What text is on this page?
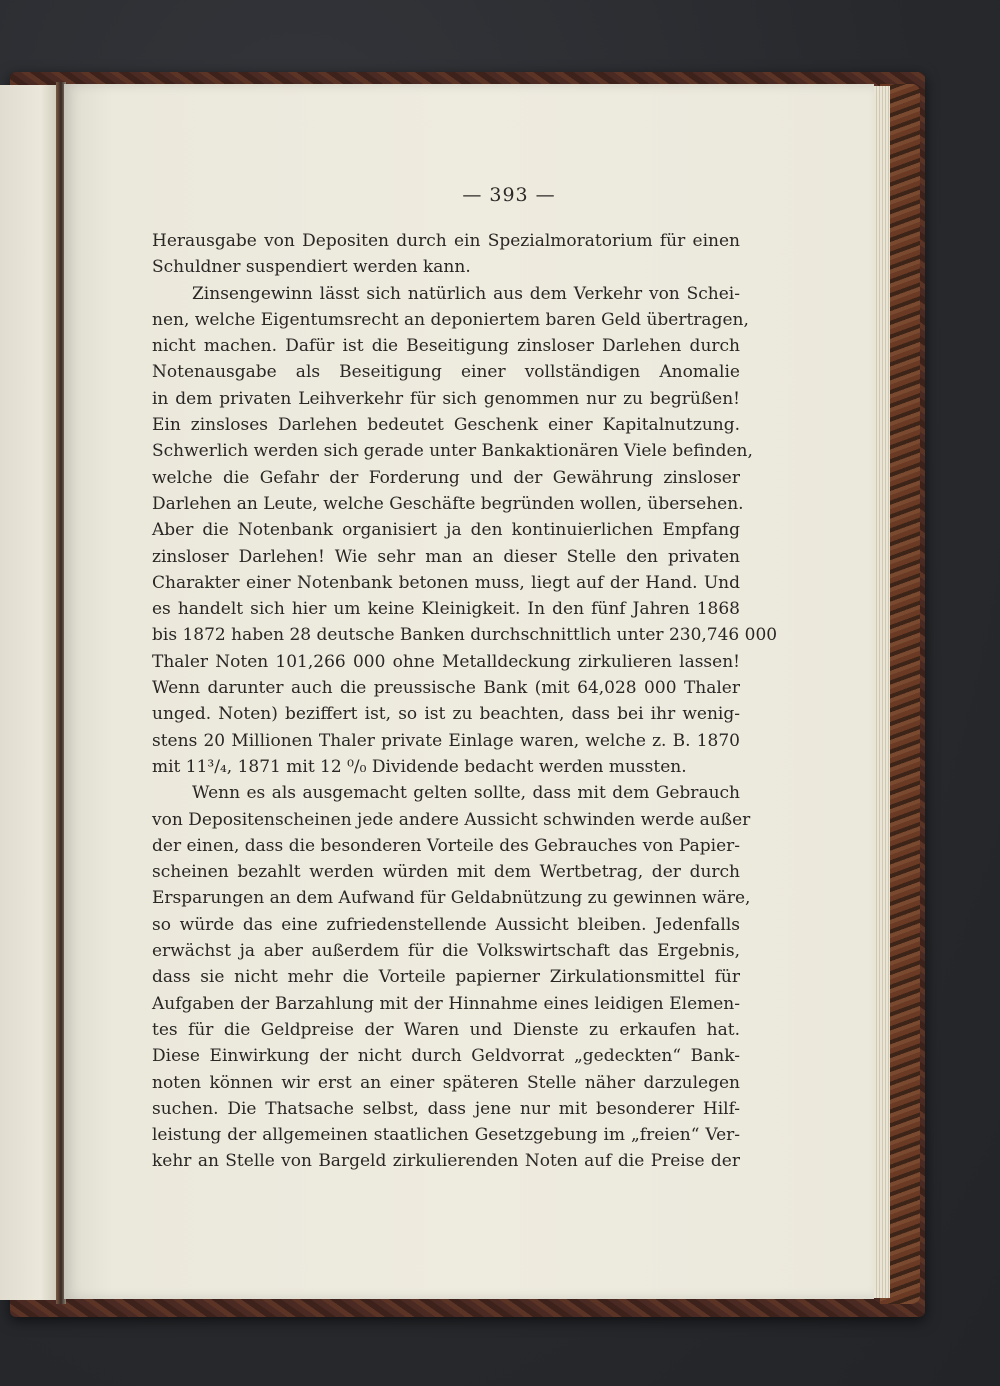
— 393 —
Herausgabe von Depositen durch ein Spezialmoratorium für einen
Schuldner suspendiert werden kann.
Zinsengewinn lässt sich natürlich aus dem Verkehr von Schei-
nen, welche Eigentumsrecht an deponiertem baren Geld übertragen,
nicht machen. Dafür ist die Beseitigung zinsloser Darlehen durch
Notenausgabe als Beseitigung einer vollständigen Anomalie
in dem privaten Leihverkehr für sich genommen nur zu begrüßen!
Ein zinsloses Darlehen bedeutet Geschenk einer Kapitalnutzung.
Schwerlich werden sich gerade unter Bankaktionären Viele befinden,
welche die Gefahr der Forderung und der Gewährung zinsloser
Darlehen an Leute, welche Geschäfte begründen wollen, übersehen.
Aber die Notenbank organisiert ja den kontinuierlichen Empfang
zinsloser Darlehen! Wie sehr man an dieser Stelle den privaten
Charakter einer Notenbank betonen muss, liegt auf der Hand. Und
es handelt sich hier um keine Kleinigkeit. In den fünf Jahren 1868
bis 1872 haben 28 deutsche Banken durchschnittlich unter 230,746 000
Thaler Noten 101,266 000 ohne Metalldeckung zirkulieren lassen!
Wenn darunter auch die preussische Bank (mit 64,028 000 Thaler
unged. Noten) beziffert ist, so ist zu beachten, dass bei ihr wenig-
stens 20 Millionen Thaler private Einlage waren, welche z. B. 1870
mit 11³/₄, 1871 mit 12 ⁰/₀ Dividende bedacht werden mussten.
Wenn es als ausgemacht gelten sollte, dass mit dem Gebrauch
von Depositenscheinen jede andere Aussicht schwinden werde außer
der einen, dass die besonderen Vorteile des Gebrauches von Papier-
scheinen bezahlt werden würden mit dem Wertbetrag, der durch
Ersparungen an dem Aufwand für Geldabnützung zu gewinnen wäre,
so würde das eine zufriedenstellende Aussicht bleiben. Jedenfalls
erwächst ja aber außerdem für die Volkswirtschaft das Ergebnis,
dass sie nicht mehr die Vorteile papierner Zirkulationsmittel für
Aufgaben der Barzahlung mit der Hinnahme eines leidigen Elemen-
tes für die Geldpreise der Waren und Dienste zu erkaufen hat.
Diese Einwirkung der nicht durch Geldvorrat „gedeckten“ Bank-
noten können wir erst an einer späteren Stelle näher darzulegen
suchen. Die Thatsache selbst, dass jene nur mit besonderer Hilf-
leistung der allgemeinen staatlichen Gesetzgebung im „freien“ Ver-
kehr an Stelle von Bargeld zirkulierenden Noten auf die Preise der
